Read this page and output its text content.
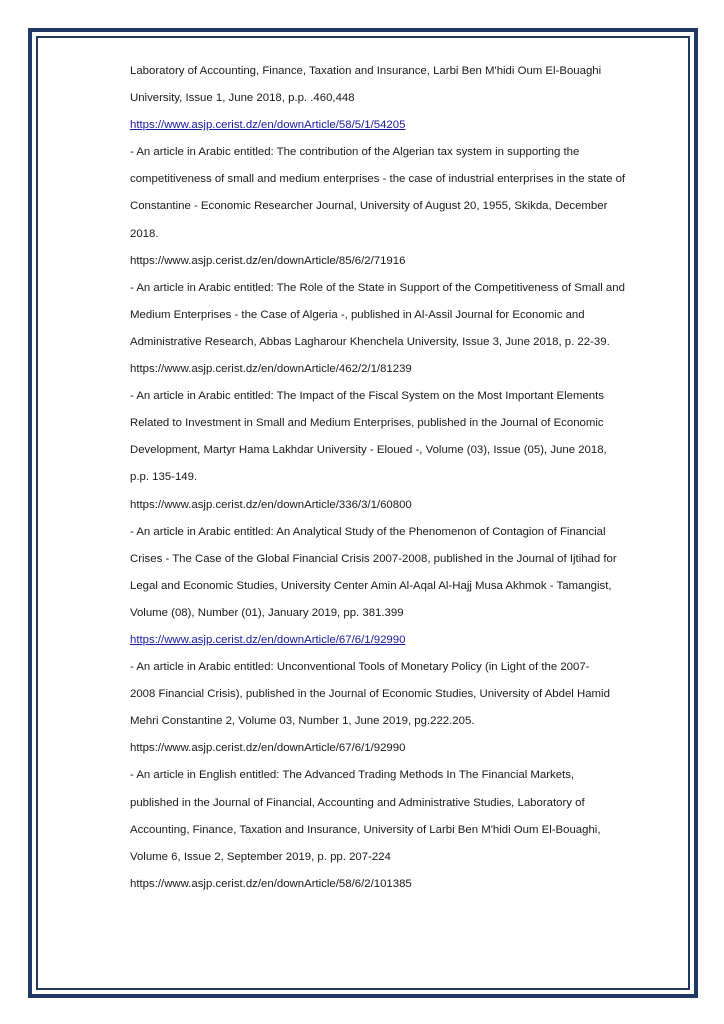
Laboratory of Accounting, Finance, Taxation and Insurance, Larbi Ben M'hidi Oum El-Bouaghi
University, Issue 1, June 2018, p.p. .460,448
https://www.asjp.cerist.dz/en/downArticle/58/5/1/54205
- An article in Arabic entitled: The contribution of the Algerian tax system in supporting the
competitiveness of small and medium enterprises - the case of industrial enterprises in the state of
Constantine - Economic Researcher Journal, University of August 20, 1955, Skikda, December
2018.
https://www.asjp.cerist.dz/en/downArticle/85/6/2/71916
- An article in Arabic entitled: The Role of the State in Support of the Competitiveness of Small and
Medium Enterprises - the Case of Algeria -, published in Al-Assil Journal for Economic and
Administrative Research, Abbas Lagharour Khenchela University, Issue 3, June 2018, p. 22-39.
https://www.asjp.cerist.dz/en/downArticle/462/2/1/81239
- An article in Arabic entitled: The Impact of the Fiscal System on the Most Important Elements
Related to Investment in Small and Medium Enterprises, published in the Journal of Economic
Development, Martyr Hama Lakhdar University - Eloued -, Volume (03), Issue (05), June 2018,
p.p. 135-149.
https://www.asjp.cerist.dz/en/downArticle/336/3/1/60800
- An article in Arabic entitled: An Analytical Study of the Phenomenon of Contagion of Financial
Crises - The Case of the Global Financial Crisis 2007-2008, published in the Journal of Ijtihad for
Legal and Economic Studies, University Center Amin Al-Aqal Al-Hajj Musa Akhmok - Tamangist,
Volume (08), Number (01), January 2019, pp. 381.399
https://www.asjp.cerist.dz/en/downArticle/67/6/1/92990
- An article in Arabic entitled: Unconventional Tools of Monetary Policy (in Light of the 2007-
2008 Financial Crisis), published in the Journal of Economic Studies, University of Abdel Hamid
Mehri Constantine 2, Volume 03, Number 1, June 2019, pg.222.205.
https://www.asjp.cerist.dz/en/downArticle/67/6/1/92990
- An article in English entitled: The Advanced Trading Methods In The Financial Markets,
published in the Journal of Financial, Accounting and Administrative Studies, Laboratory of
Accounting, Finance, Taxation and Insurance, University of Larbi Ben M'hidi Oum El-Bouaghi,
Volume 6, Issue 2, September 2019, p. pp. 207-224
https://www.asjp.cerist.dz/en/downArticle/58/6/2/101385
